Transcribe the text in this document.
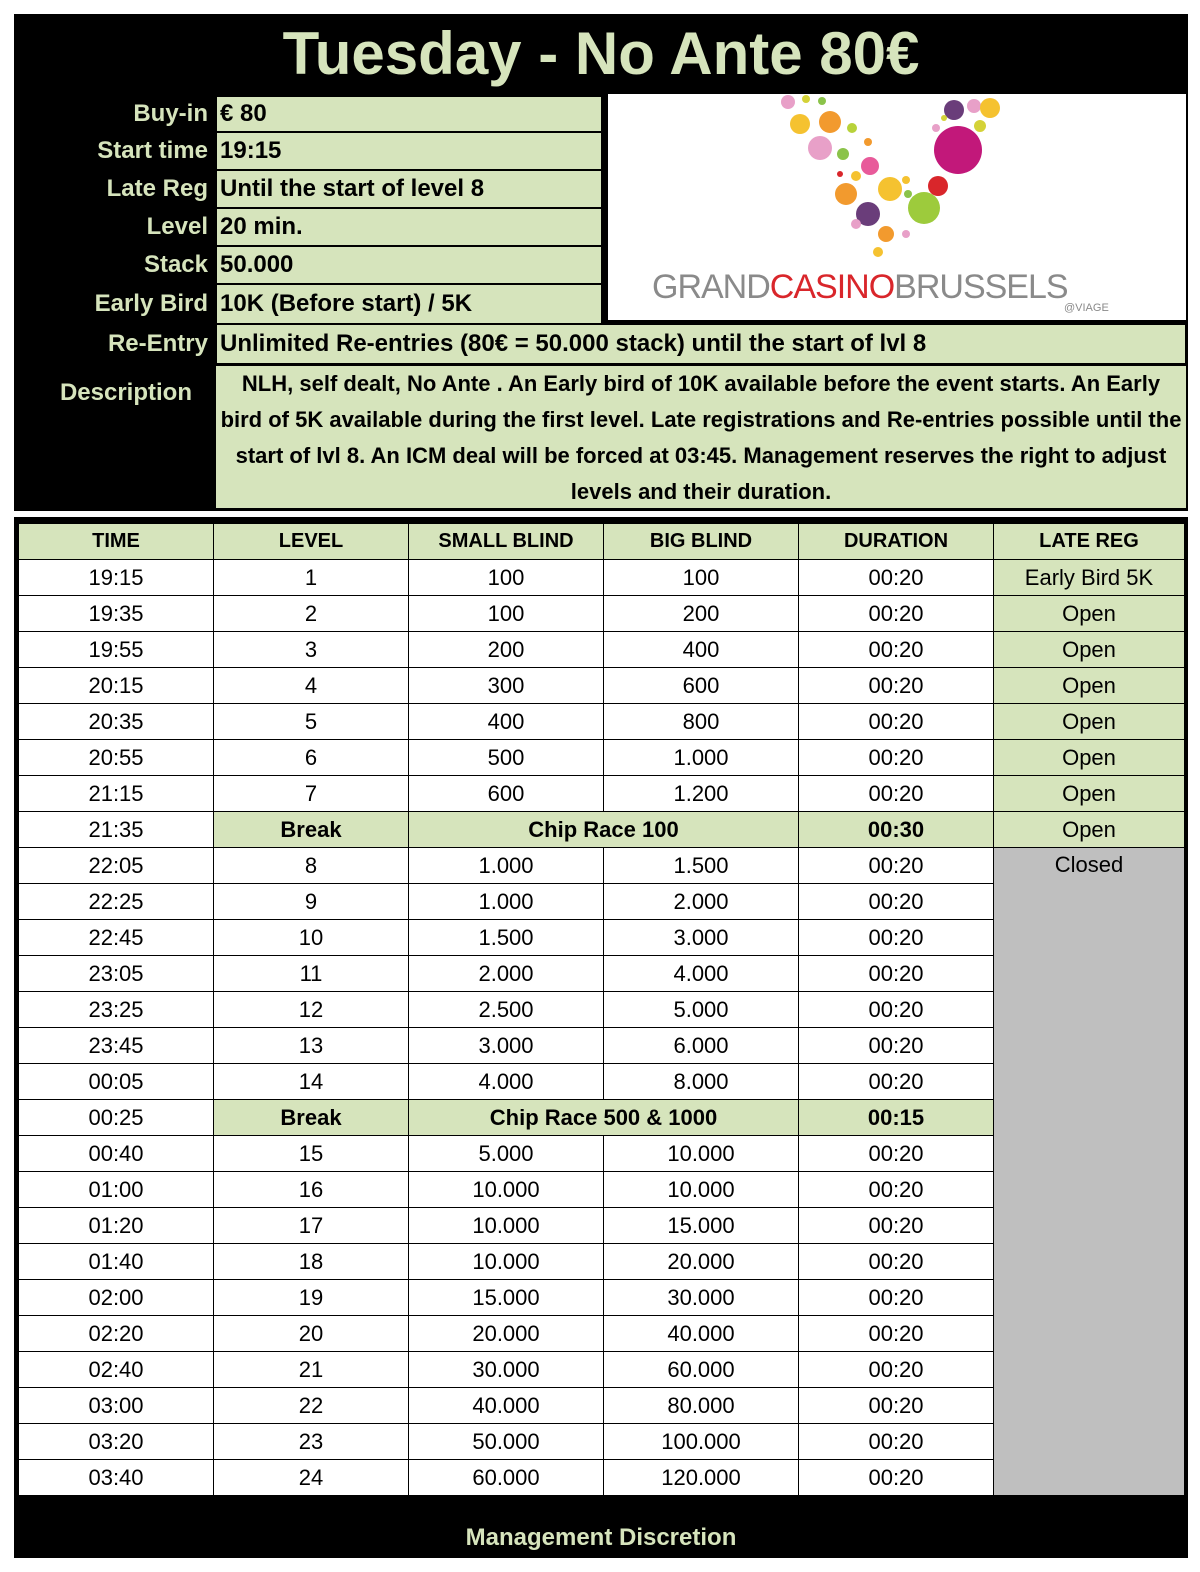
Tuesday - No Ante 80€
Buy-in € 80
Start time 19:15
Late Reg Until the start of level 8
Level 20 min.
Stack 50.000
Early Bird 10K (Before start) / 5K
Re-Entry Unlimited Re-entries (80€ = 50.000 stack) until the start of lvl 8
GRANDCASINOBRUSSELS
@VIAGE
Description	NLH, self dealt, No Ante . An Early bird of 10K available before the event starts. An Early bird of 5K available during the first level. Late registrations and Re-entries possible until the start of lvl 8. An ICM deal will be forced at 03:45. Management reserves the right to adjust levels and their duration.
TIME	LEVEL	SMALL BLIND	BIG BLIND	DURATION	LATE REG
19:15	1	100	100	00:20	Early Bird 5K
19:35	2	100	200	00:20	Open
19:55	3	200	400	00:20	Open
20:15	4	300	600	00:20	Open
20:35	5	400	800	00:20	Open
20:55	6	500	1.000	00:20	Open
21:15	7	600	1.200	00:20	Open
21:35	Break	Chip Race 100		00:30	Open
22:05	8	1.000	1.500	00:20	Closed
22:25	9	1.000	2.000	00:20	
22:45	10	1.500	3.000	00:20	
23:05	11	2.000	4.000	00:20	
23:25	12	2.500	5.000	00:20	
23:45	13	3.000	6.000	00:20	
00:05	14	4.000	8.000	00:20	
00:25	Break	Chip Race 500 & 1000		00:15	
00:40	15	5.000	10.000	00:20	
01:00	16	10.000	10.000	00:20	
01:20	17	10.000	15.000	00:20	
01:40	18	10.000	20.000	00:20	
02:00	19	15.000	30.000	00:20	
02:20	20	20.000	40.000	00:20	
02:40	21	30.000	60.000	00:20	
03:00	22	40.000	80.000	00:20	
03:20	23	50.000	100.000	00:20	
03:40	24	60.000	120.000	00:20	
Management Discretion
